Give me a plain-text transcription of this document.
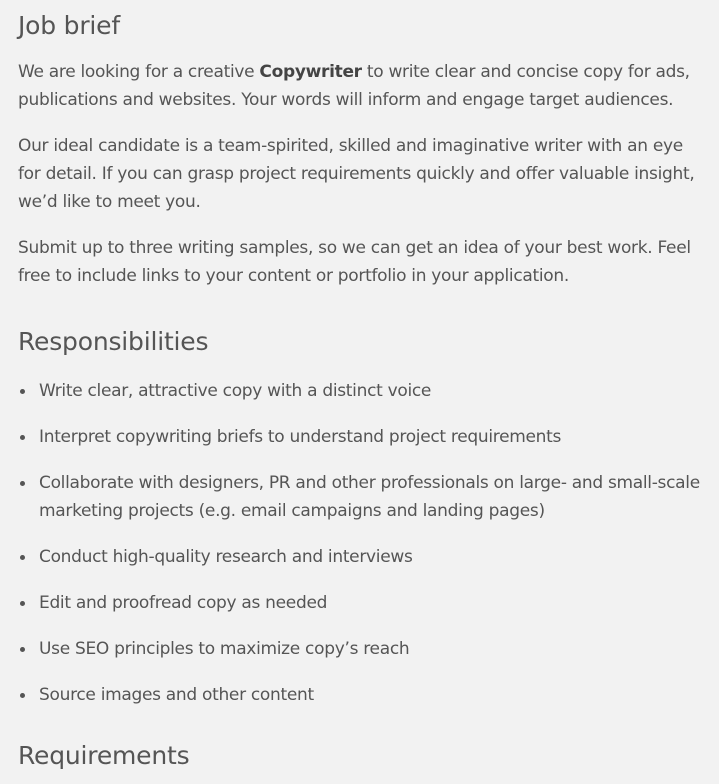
Job brief

We are looking for a creative Copywriter to write clear and concise copy for ads, publications and websites. Your words will inform and engage target audiences.

Our ideal candidate is a team-spirited, skilled and imaginative writer with an eye for detail. If you can grasp project requirements quickly and offer valuable insight, we’d like to meet you.

Submit up to three writing samples, so we can get an idea of your best work. Feel free to include links to your content or portfolio in your application.

Responsibilities
Write clear, attractive copy with a distinct voice
Interpret copywriting briefs to understand project requirements
Collaborate with designers, PR and other professionals on large- and small-scale marketing projects (e.g. email campaigns and landing pages)
Conduct high-quality research and interviews
Edit and proofread copy as needed
Use SEO principles to maximize copy’s reach
Source images and other content
Requirements
